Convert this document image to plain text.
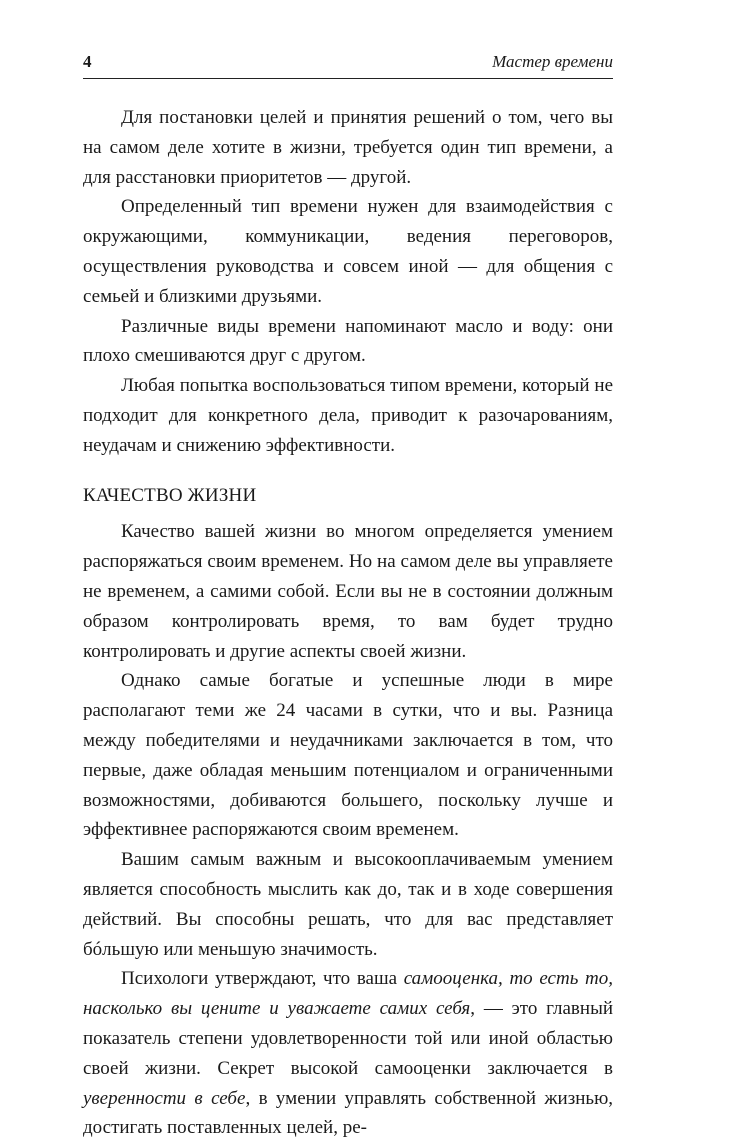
4	Мастер времени

Для постановки целей и принятия решений о том, чего вы на самом деле хотите в жизни, требуется один тип времени, а для расстановки приоритетов — другой.

Определенный тип времени нужен для взаимодействия с окружающими, коммуникации, ведения переговоров, осуществления руководства и совсем иной — для общения с семьей и близкими друзьями.

Различные виды времени напоминают масло и воду: они плохо смешиваются друг с другом.

Любая попытка воспользоваться типом времени, который не подходит для конкретного дела, приводит к разочарованиям, неудачам и снижению эффективности.

КАЧЕСТВО ЖИЗНИ

Качество вашей жизни во многом определяется умением распоряжаться своим временем. Но на самом деле вы управляете не временем, а самими собой. Если вы не в состоянии должным образом контролировать время, то вам будет трудно контролировать и другие аспекты своей жизни.

Однако самые богатые и успешные люди в мире располагают теми же 24 часами в сутки, что и вы. Разница между победителями и неудачниками заключается в том, что первые, даже обладая меньшим потенциалом и ограниченными возможностями, добиваются большего, поскольку лучше и эффективнее распоряжаются своим временем.

Вашим самым важным и высокооплачиваемым умением является способность мыслить как до, так и в ходе совершения действий. Вы способны решать, что для вас представляет бóльшую или меньшую значимость.

Психологи утверждают, что ваша самооценка, то есть то, насколько вы цените и уважаете самих себя, — это главный показатель степени удовлетворенности той или иной областью своей жизни. Секрет высокой самооценки заключается в уверенности в себе, в умении управлять собственной жизнью, достигать поставленных целей, ре-
